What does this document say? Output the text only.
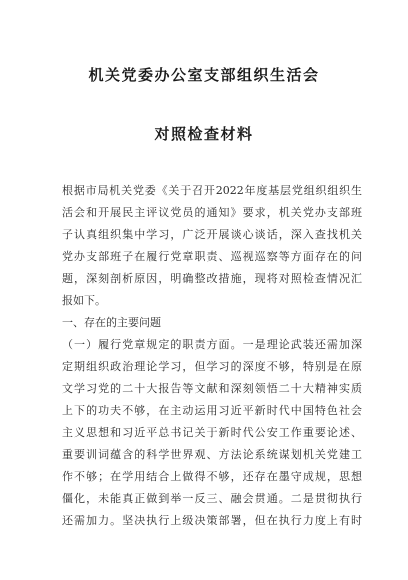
机关党委办公室支部组织生活会
对照检查材料

根据市局机关党委《关于召开2022年度基层党组织组织生

活会和开展民主评议党员的通知》要求，机关党办支部班

子认真组织集中学习，广泛开展谈心谈话，深入查找机关

党办支部班子在履行党章职责、巡视巡察等方面存在的问

题，深刻剖析原因，明确整改措施，现将对照检查情况汇

报如下。

一、存在的主要问题

（一）履行党章规定的职责方面。一是理论武装还需加深

定期组织政治理论学习，但学习的深度不够，特别是在原

文学习党的二十大报告等文献和深刻领悟二十大精神实质

上下的功夫不够，在主动运用习近平新时代中国特色社会

主义思想和习近平总书记关于新时代公安工作重要论述、

重要训词蕴含的科学世界观、方法论系统谋划机关党建工

作不够；在学用结合上做得不够，还存在墨守成规，思想

僵化，未能真正做到举一反三、融会贯通。二是贯彻执行

还需加力。坚决执行上级决策部署，但在执行力度上有时
